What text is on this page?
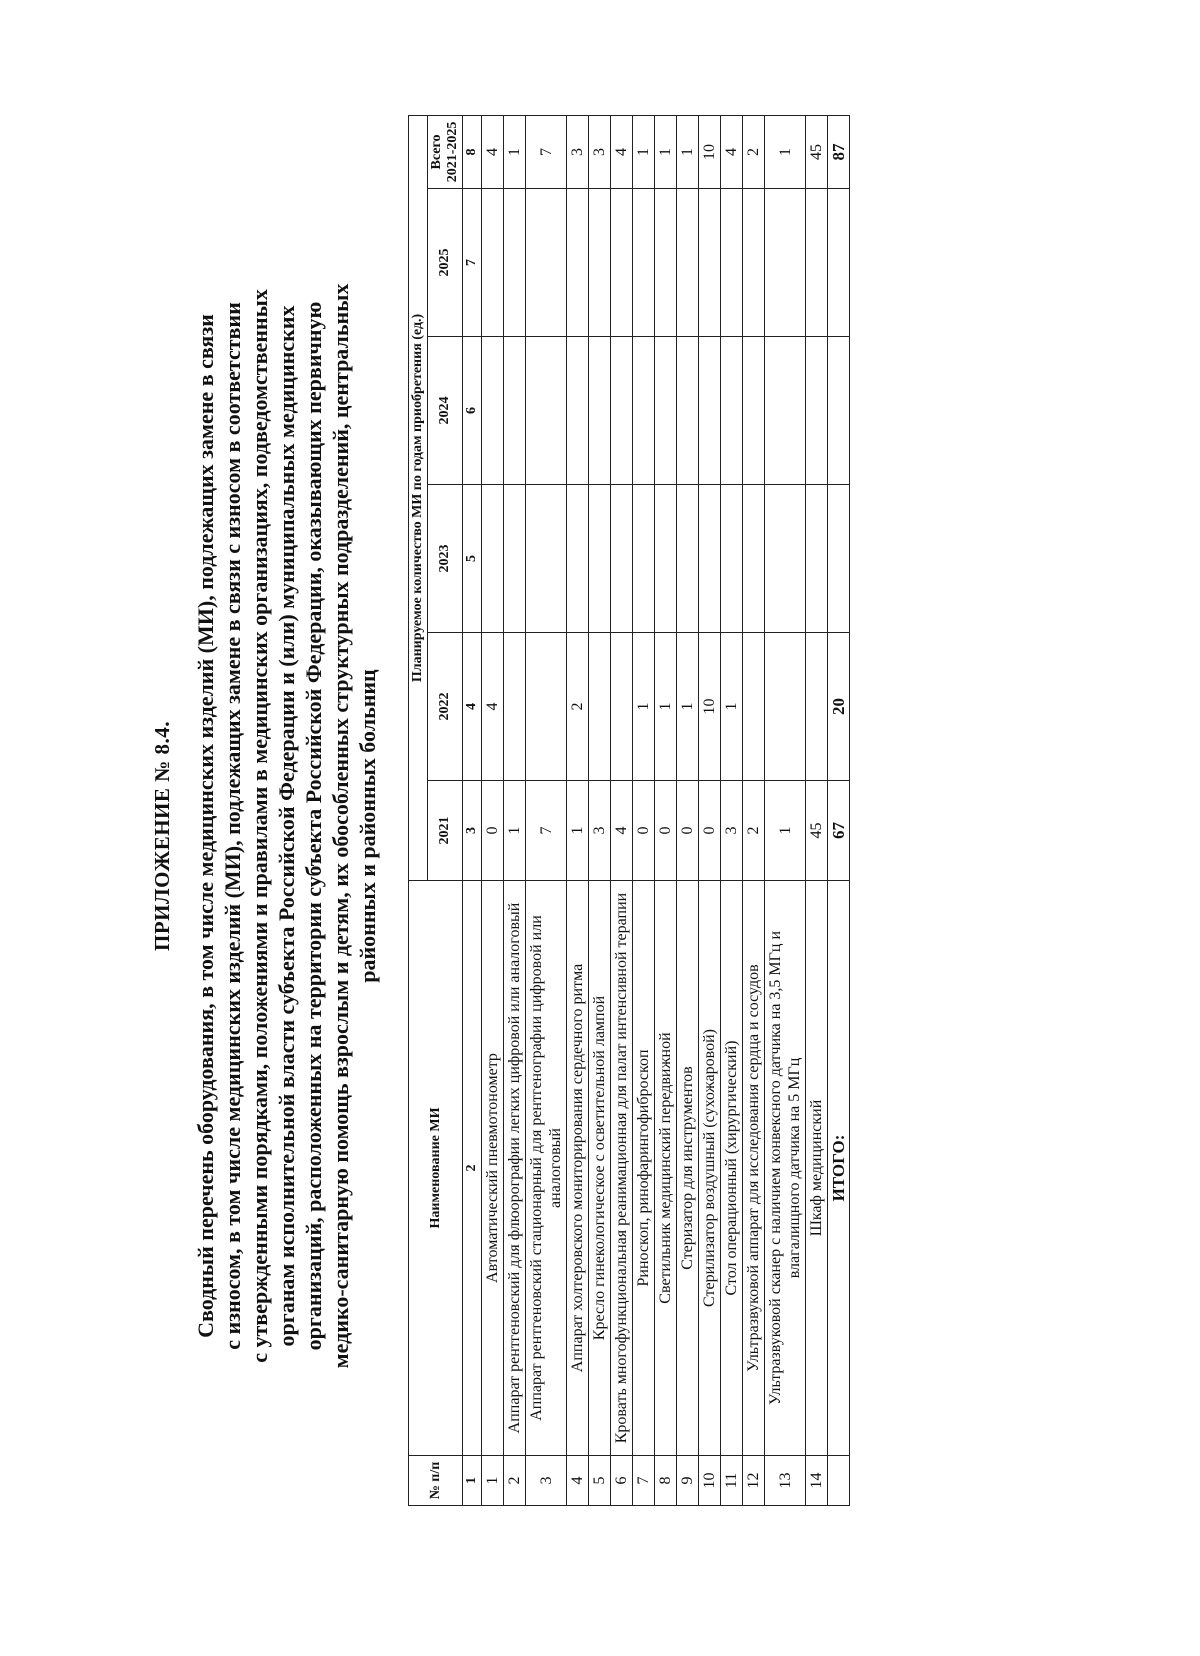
ПРИЛОЖЕНИЕ № 8.4. Сводный перечень оборудования, в том числе медицинских изделий (МИ), подлежащих замене в связи с износом, в том числе медицинских изделий (МИ), подлежащих замене в связи с износом в соответствии с утвержденными порядками, положениями и правилами в медицинских организациях, подведомственных органам исполнительной власти субъекта Российской Федерации и (или) муниципальных медицинских организаций, расположенных на территории субъекта Российской Федерации, оказывающих первичную медико-санитарную помощь взрослым и детям, их обособленных структурных подразделений, центральных районных и районных больниц
№ п/п	Наименование МИ	Планируемое количество МИ по годам приобретения (ед.)					
		2021	2022	2023	2024	2025	Всего 2021-2025
1	2	3	4	5	6	7	8
1	Автоматический пневмотонометр	0	4				4
2	Аппарат рентгеновский для флюорографии легких цифровой или аналоговый	1					1
3	Аппарат рентгеновский стационарный для рентгенографии цифровой или аналоговый	7					7
4	Аппарат холтеровского мониторирования сердечного ритма	1	2				3
5	Кресло гинекологическое с осветительной лампой	3					3
6	Кровать многофункциональная реанимационная для палат интенсивной терапии	4					4
7	Риноскоп, ринофарингофиброскоп	0	1				1
8	Светильник медицинский передвижной	0	1				1
9	Стеризатор для инструментов	0	1				1
10	Стерилизатор воздушный (сухожаровой)	0	10				10
11	Стол операционный (хирургический)	3	1				4
12	Ультразвуковой аппарат для исследования сердца и сосудов	2					2
13	Ультразвуковой сканер с наличием конвексного датчика на 3,5 МГц и влагалищного датчика на 5 МГц	1					1
14	Шкаф медицинский	45					45
	ИТОГО:	67	20				87
